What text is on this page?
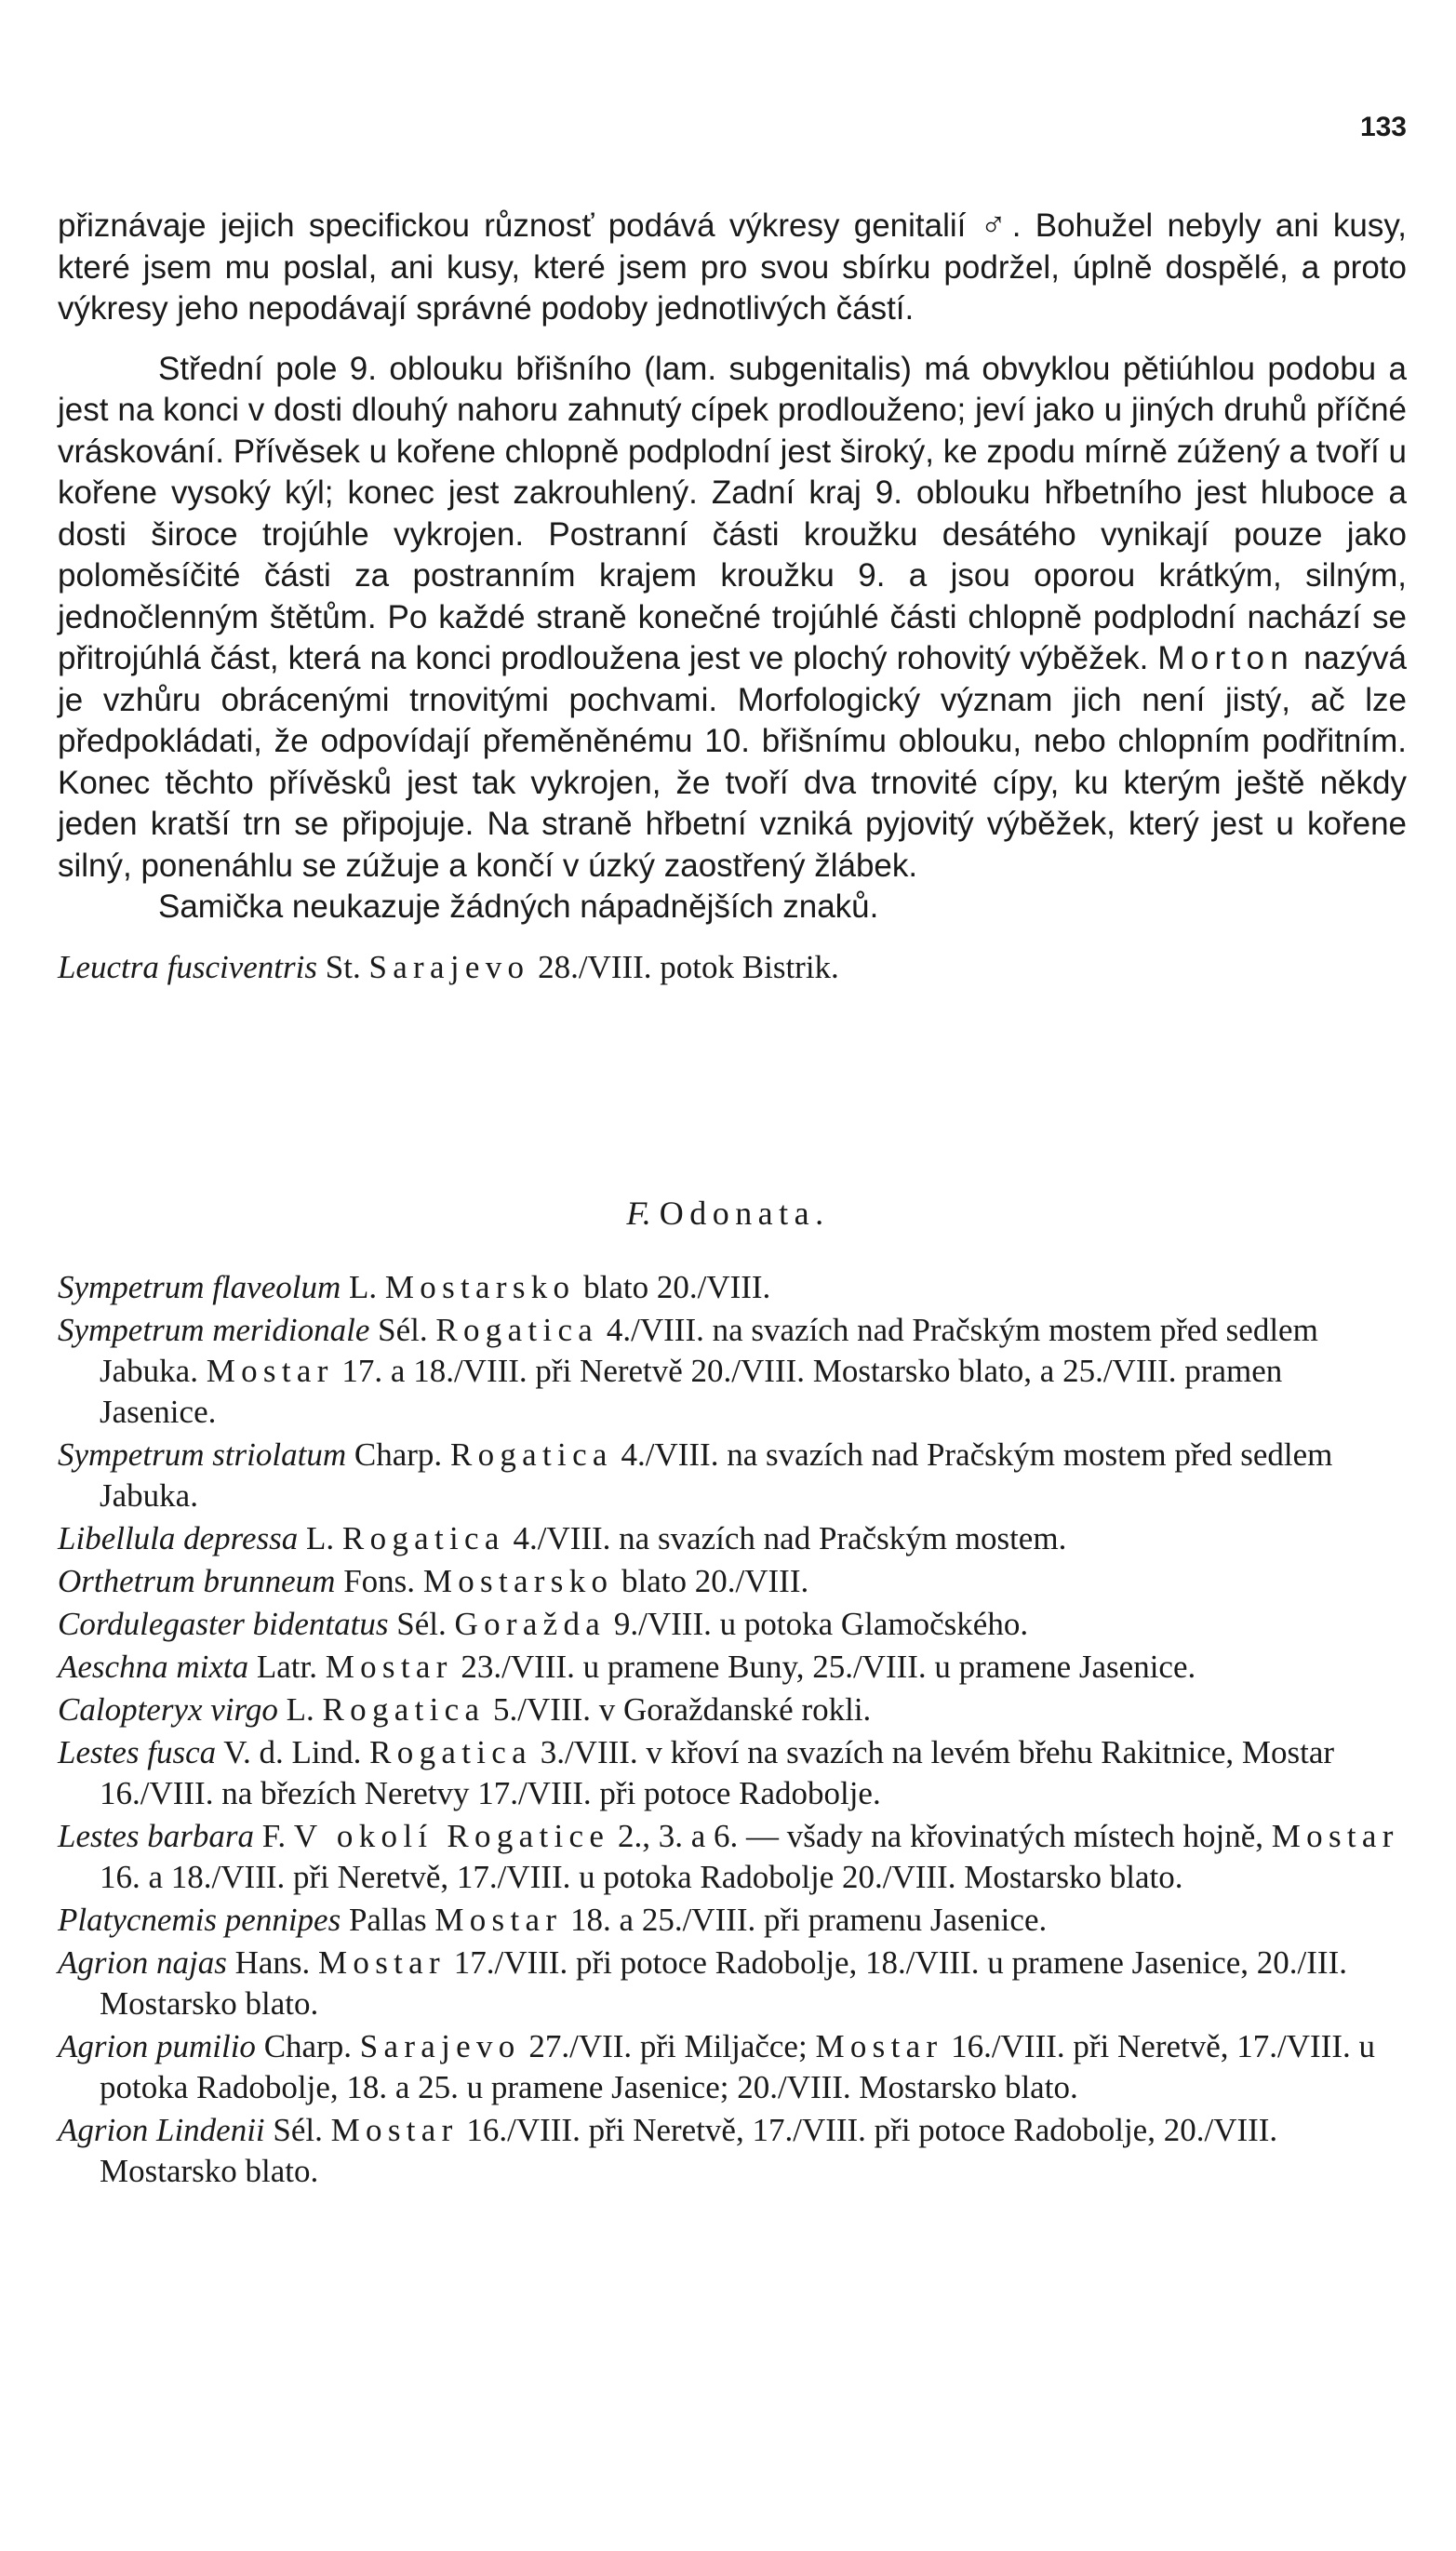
133

přiznávaje jejich specifickou různosť podává výkresy genitalií ♂. Bohužel nebyly ani kusy, které jsem mu poslal, ani kusy, které jsem pro svou sbírku podržel, úplně dospělé, a proto výkresy jeho nepodávají správné podoby jednotlivých částí.

Střední pole 9. oblouku břišního (lam. subgenitalis) má obvyklou pětiúhlou podobu a jest na konci v dosti dlouhý nahoru zahnutý cípek prodlouženo; jeví jako u jiných druhů příčné vráskování. Přívěsek u kořene chlopně podplodní jest široký, ke zpodu mírně zúžený a tvoří u kořene vysoký kýl; konec jest zakrouhlený. Zadní kraj 9. oblouku hřbetního jest hluboce a dosti široce trojúhle vykrojen. Postranní části kroužku desátého vynikají pouze jako poloměsíčité části za postranním krajem kroužku 9. a jsou oporou krátkým, silným, jednočlenným štětům. Po každé straně konečné trojúhlé části chlopně podplodní nachází se přitrojúhlá část, která na konci prodloužena jest ve plochý rohovitý výběžek. Morton nazývá je vzhůru obrácenými trnovitými pochvami. Morfologický význam jich není jistý, ač lze předpokládati, že odpovídají přeměněnému 10. břišnímu oblouku, nebo chlopním podřitním. Konec těchto přívěsků jest tak vykrojen, že tvoří dva trnovité cípy, ku kterým ještě někdy jeden kratší trn se připojuje. Na straně hřbetní vzniká pyjovitý výběžek, který jest u kořene silný, ponenáhlu se zúžuje a končí v úzký zaostřený žlábek.

Samička neukazuje žádných nápadnějších znaků.

Leuctra fusciventris St. Sarajevo 28./VIII. potok Bistrik.

F. Odonata.

Sympetrum flaveolum L. Mostarsko blato 20./VIII.

Sympetrum meridionale Sél. Rogatica 4./VIII. na svazích nad Pračským mostem před sedlem Jabuka. Mostar 17. a 18./VIII. při Neretvě 20./VIII. Mostarsko blato, a 25./VIII. pramen Jasenice.

Sympetrum striolatum Charp. Rogatica 4./VIII. na svazích nad Pračským mostem před sedlem Jabuka.

Libellula depressa L. Rogatica 4./VIII. na svazích nad Pračským mostem.

Orthetrum brunneum Fons. Mostarsko blato 20./VIII.

Cordulegaster bidentatus Sél. Goražda 9./VIII. u potoka Glamočského.

Aeschna mixta Latr. Mostar 23./VIII. u pramene Buny, 25./VIII. u pramene Jasenice.

Calopteryx virgo L. Rogatica 5./VIII. v Goraždanské rokli.

Lestes fusca V. d. Lind. Rogatica 3./VIII. v křoví na svazích na levém břehu Rakitnice, Mostar 16./VIII. na březích Neretvy 17./VIII. při potoce Radobolje.

Lestes barbara F. V okolí Rogatice 2., 3. a 6. — všady na křovinatých místech hojně, Mostar 16. a 18./VIII. při Neretvě, 17./VIII. u potoka Radobolje 20./VIII. Mostarsko blato.

Platycnemis pennipes Pallas Mostar 18. a 25./VIII. při pramenu Jasenice.

Agrion najas Hans. Mostar 17./VIII. při potoce Radobolje, 18./VIII. u pramene Jasenice, 20./III. Mostarsko blato.

Agrion pumilio Charp. Sarajevo 27./VII. při Miljačce; Mostar 16./VIII. při Neretvě, 17./VIII. u potoka Radobolje, 18. a 25. u pramene Jasenice; 20./VIII. Mostarsko blato.

Agrion Lindenii Sél. Mostar 16./VIII. při Neretvě, 17./VIII. při potoce Radobolje, 20./VIII. Mostarsko blato.
